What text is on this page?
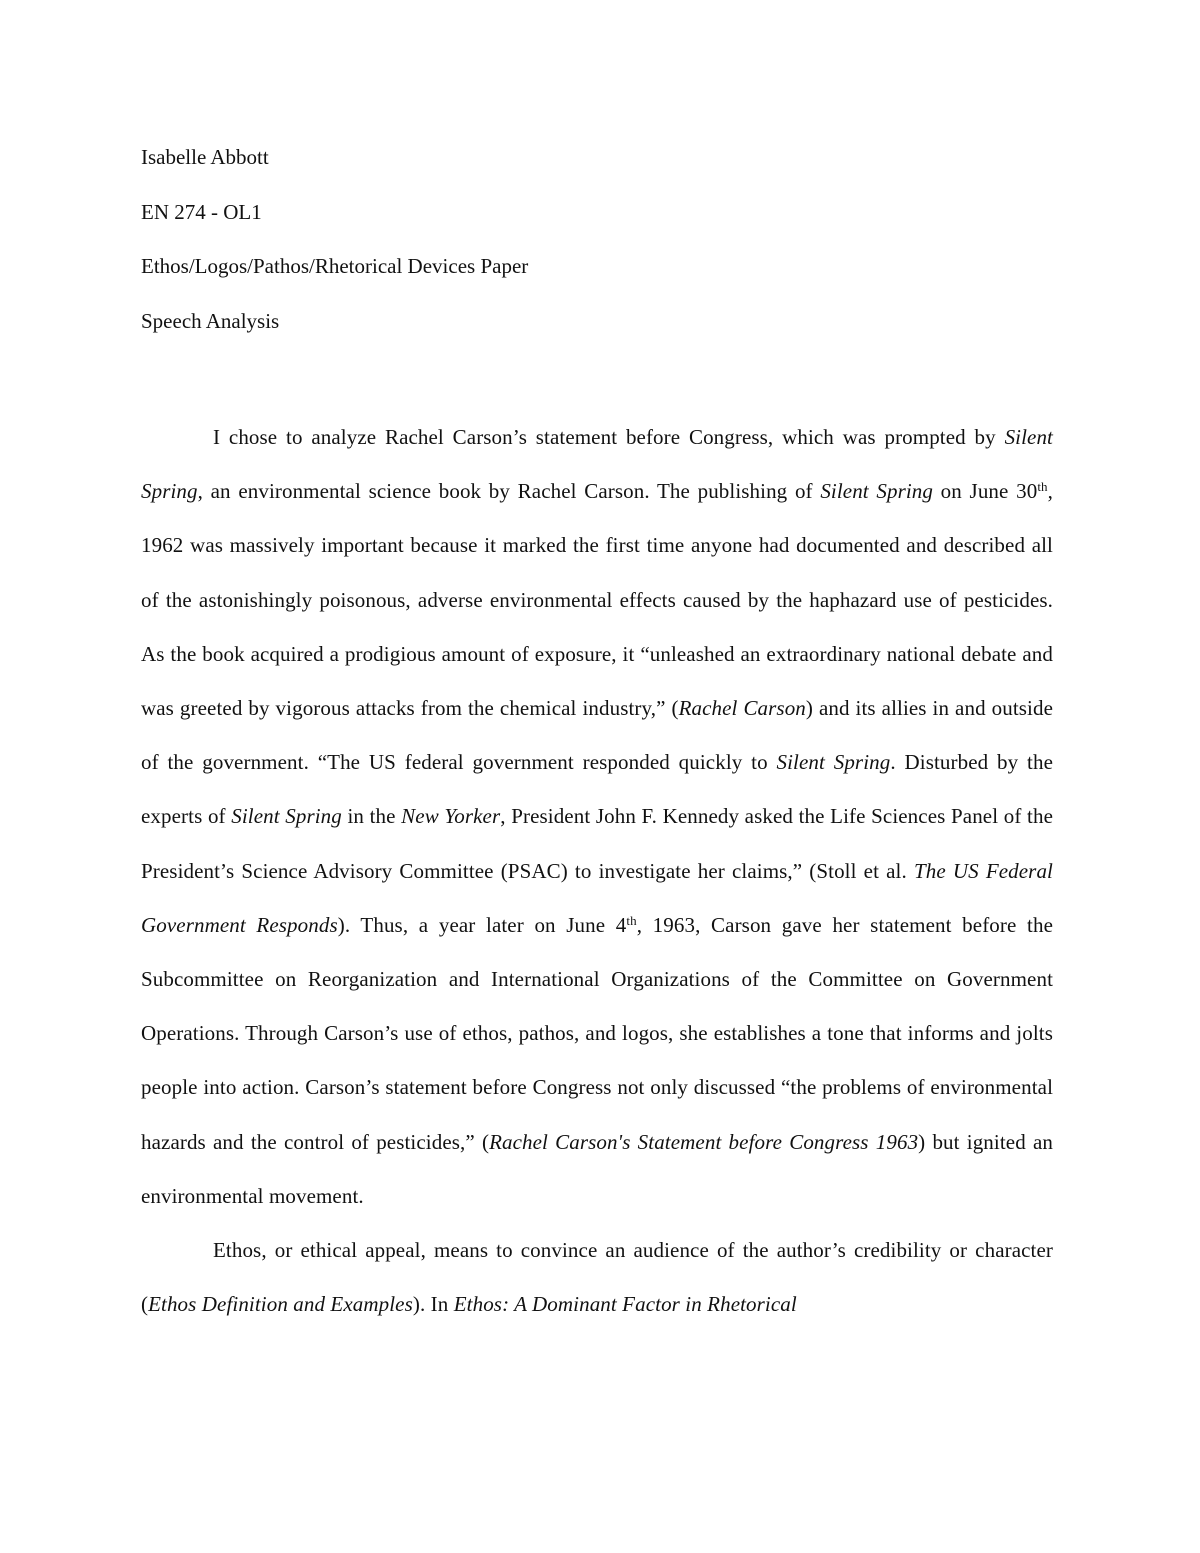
Isabelle Abbott
EN 274 - OL1
Ethos/Logos/Pathos/Rhetorical Devices Paper
Speech Analysis

I chose to analyze Rachel Carson’s statement before Congress, which was prompted by Silent Spring, an environmental science book by Rachel Carson. The publishing of Silent Spring on June 30th, 1962 was massively important because it marked the first time anyone had documented and described all of the astonishingly poisonous, adverse environmental effects caused by the haphazard use of pesticides. As the book acquired a prodigious amount of exposure, it “unleashed an extraordinary national debate and was greeted by vigorous attacks from the chemical industry,” (Rachel Carson) and its allies in and outside of the government. “The US federal government responded quickly to Silent Spring. Disturbed by the experts of Silent Spring in the New Yorker, President John F. Kennedy asked the Life Sciences Panel of the President’s Science Advisory Committee (PSAC) to investigate her claims,” (Stoll et al. The US Federal Government Responds). Thus, a year later on June 4th, 1963, Carson gave her statement before the Subcommittee on Reorganization and International Organizations of the Committee on Government Operations. Through Carson’s use of ethos, pathos, and logos, she establishes a tone that informs and jolts people into action. Carson’s statement before Congress not only discussed “the problems of environmental hazards and the control of pesticides,” (Rachel Carson's Statement before Congress 1963) but ignited an environmental movement.

Ethos, or ethical appeal, means to convince an audience of the author’s credibility or character (Ethos Definition and Examples). In Ethos: A Dominant Factor in Rhetorical
